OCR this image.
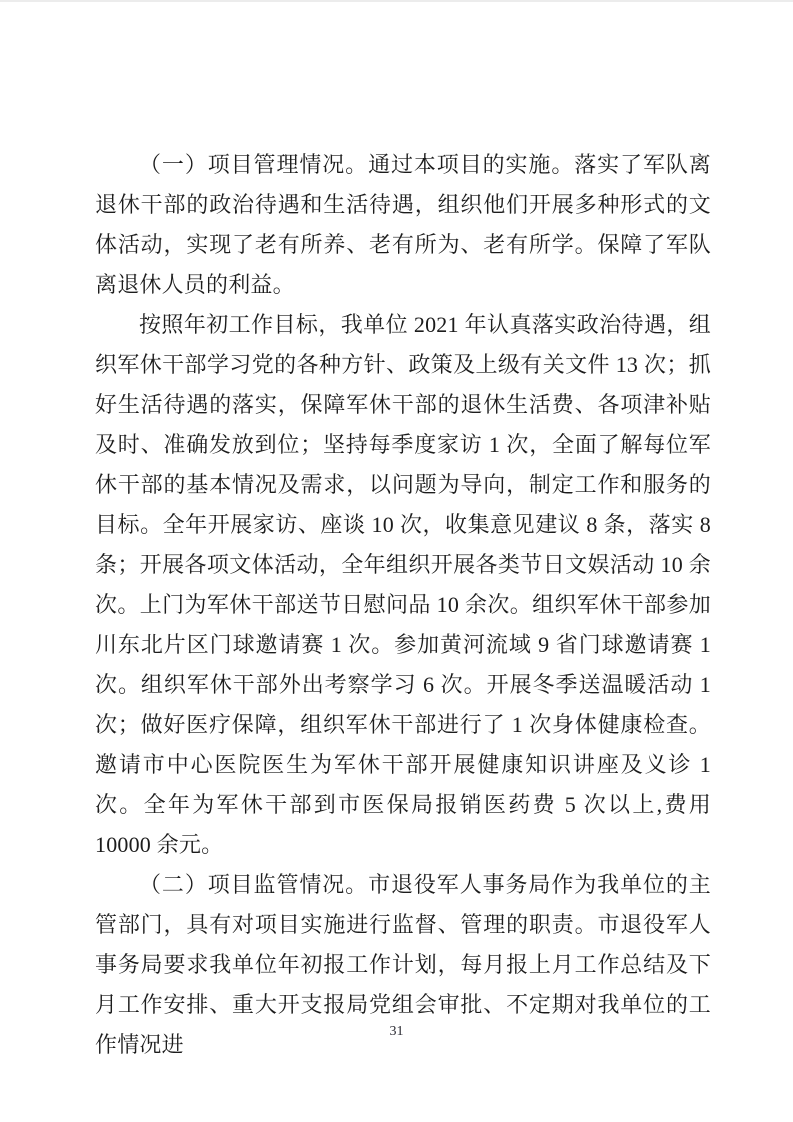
（一）项目管理情况。通过本项目的实施。落实了军队离退休干部的政治待遇和生活待遇，组织他们开展多种形式的文体活动，实现了老有所养、老有所为、老有所学。保障了军队离退休人员的利益。

按照年初工作目标，我单位 2021 年认真落实政治待遇，组织军休干部学习党的各种方针、政策及上级有关文件 13 次；抓好生活待遇的落实，保障军休干部的退休生活费、各项津补贴及时、准确发放到位；坚持每季度家访 1 次，全面了解每位军休干部的基本情况及需求，以问题为导向，制定工作和服务的目标。全年开展家访、座谈 10 次，收集意见建议 8 条，落实 8 条；开展各项文体活动，全年组织开展各类节日文娱活动 10 余次。上门为军休干部送节日慰问品 10 余次。组织军休干部参加川东北片区门球邀请赛 1 次。参加黄河流域 9 省门球邀请赛 1 次。组织军休干部外出考察学习 6 次。开展冬季送温暖活动 1 次；做好医疗保障，组织军休干部进行了 1 次身体健康检查。邀请市中心医院医生为军休干部开展健康知识讲座及义诊 1 次。全年为军休干部到市医保局报销医药费 5 次以上,费用 10000 余元。

（二）项目监管情况。市退役军人事务局作为我单位的主管部门，具有对项目实施进行监督、管理的职责。市退役军人事务局要求我单位年初报工作计划，每月报上月工作总结及下月工作安排、重大开支报局党组会审批、不定期对我单位的工作情况进

31
